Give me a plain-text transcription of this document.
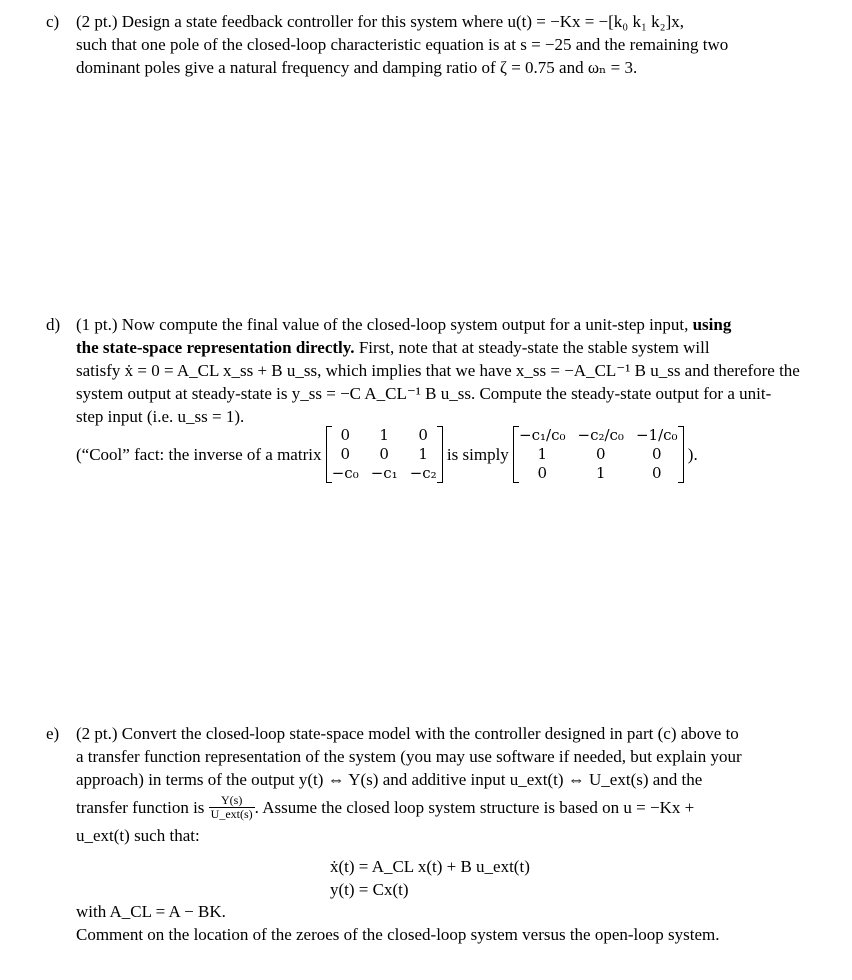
c) (2 pt.) Design a state feedback controller for this system where u(t) = −Kx = −[k₀ k₁ k₂]x,
such that one pole of the closed-loop characteristic equation is at s = −25 and the remaining two
dominant poles give a natural frequency and damping ratio of ζ = 0.75 and ωₙ = 3.
d) (1 pt.) Now compute the final value of the closed-loop system output for a unit-step input, using
the state-space representation directly. First, note that at steady-state the stable system will
satisfy ẋ = 0 = A_CL x_ss + B u_ss, which implies that we have x_ss = −A_CL⁻¹ B u_ss and therefore the
system output at steady-state is y_ss = −C A_CL⁻¹ B u_ss. Compute the steady-state output for a unit-
step input (i.e. u_ss = 1).
(“Cool” fact: the inverse of a matrix
0	1	0
0	0	1
−c₀	−c₁	−c₂
is simply
−c₁/c₀	−c₂/c₀	−1/c₀
1	0	0
0	1	0
).
e) (2 pt.) Convert the closed-loop state-space model with the controller designed in part (c) above to
a transfer function representation of the system (you may use software if needed, but explain your
approach) in terms of the output y(t) ⇔ Y(s) and additive input u_ext(t) ⇔ U_ext(s) and the
transfer function is $\frac{Y(s)}{\text{U\_ext(s)}}$ . Assume the closed loop system structure is based on u = −Kx +
u_ext(t) such that:
ẋ(t) = A_CL x(t) + B u_ext(t)
y(t) = Cx(t)
with A_CL = A − BK.
Comment on the location of the zeroes of the closed-loop system versus the open-loop system.
